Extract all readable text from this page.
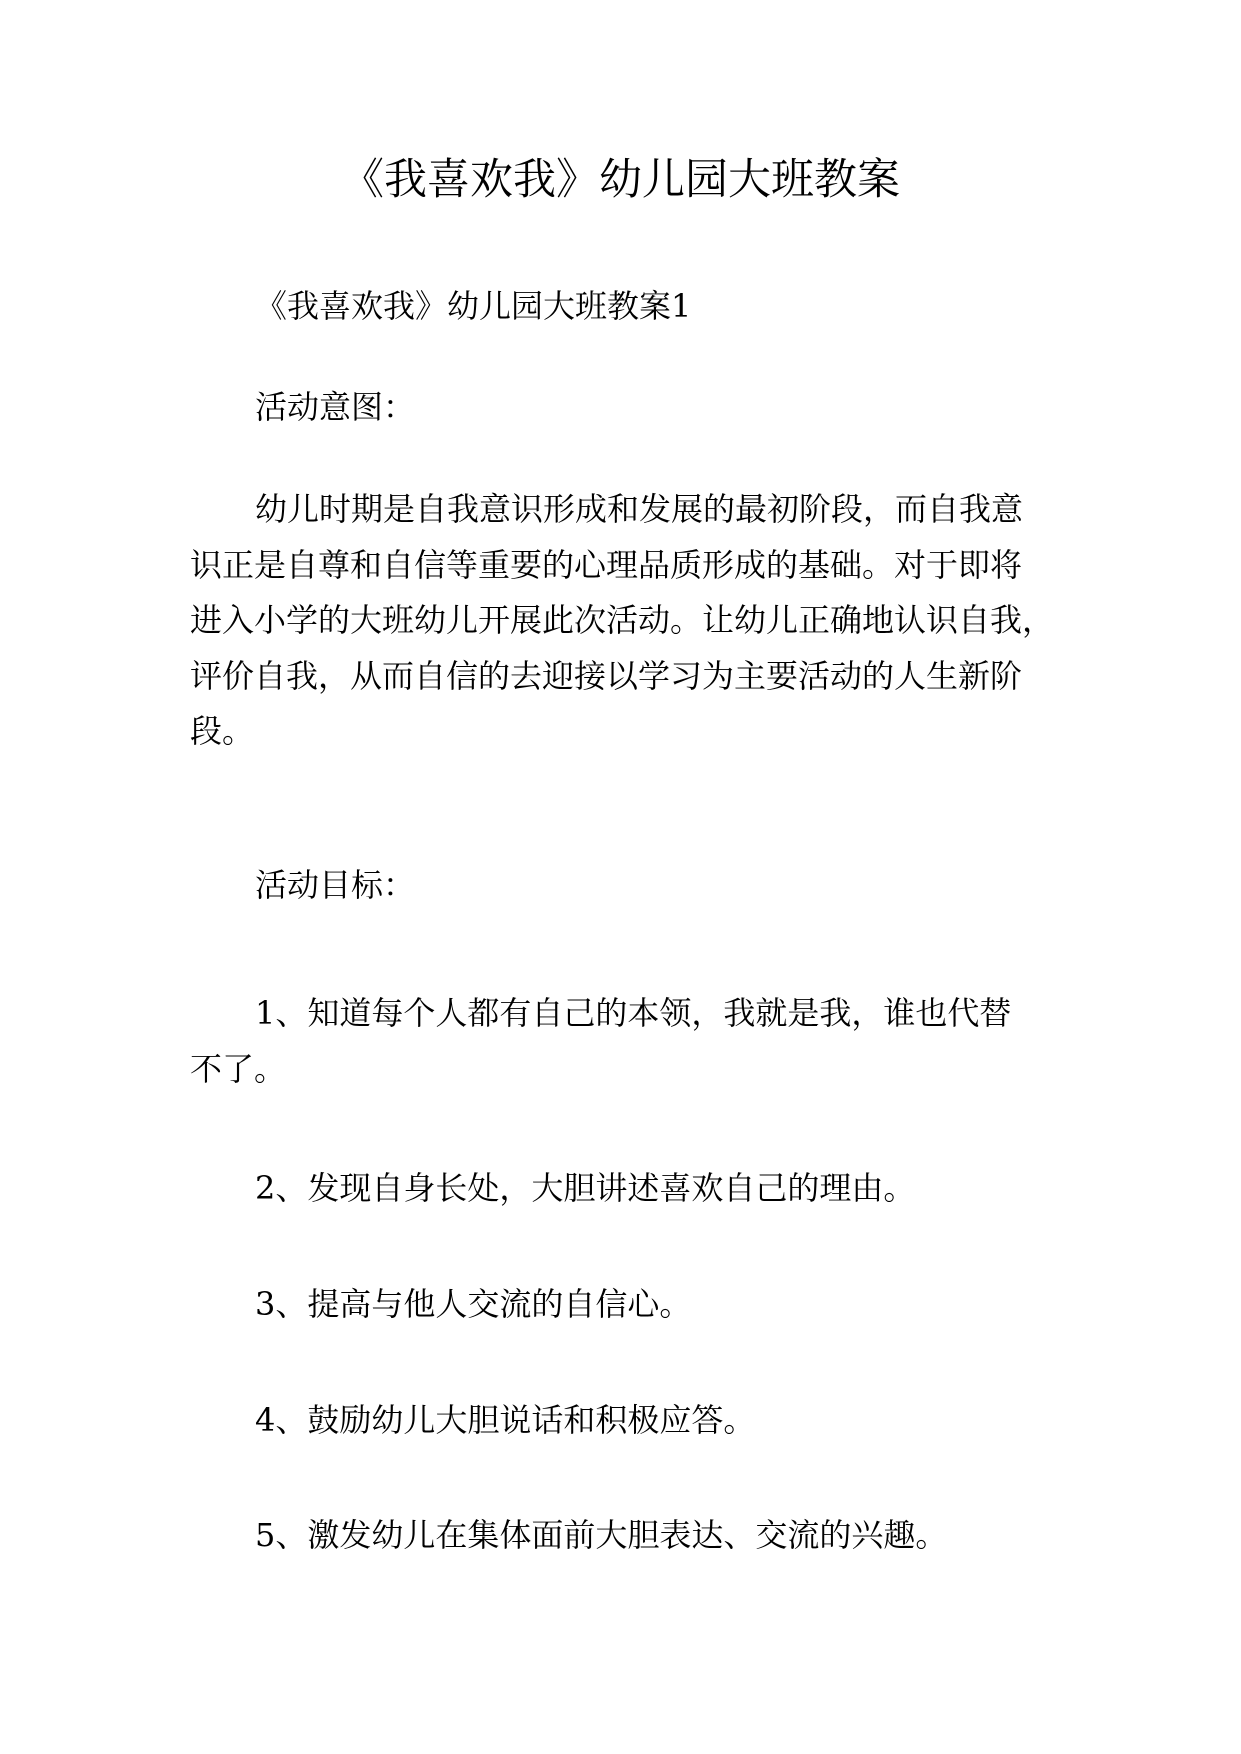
《我喜欢我》幼儿园大班教案
《我喜欢我》幼儿园大班教案1
活动意图：
幼儿时期是自我意识形成和发展的最初阶段，而自我意
识正是自尊和自信等重要的心理品质形成的基础。对于即将
进入小学的大班幼儿开展此次活动。让幼儿正确地认识自我，
评价自我，从而自信的去迎接以学习为主要活动的人生新阶
段。
活动目标：
1、知道每个人都有自己的本领，我就是我，谁也代替
不了。
2、发现自身长处，大胆讲述喜欢自己的理由。
3、提高与他人交流的自信心。
4、鼓励幼儿大胆说话和积极应答。
5、激发幼儿在集体面前大胆表达、交流的兴趣。
